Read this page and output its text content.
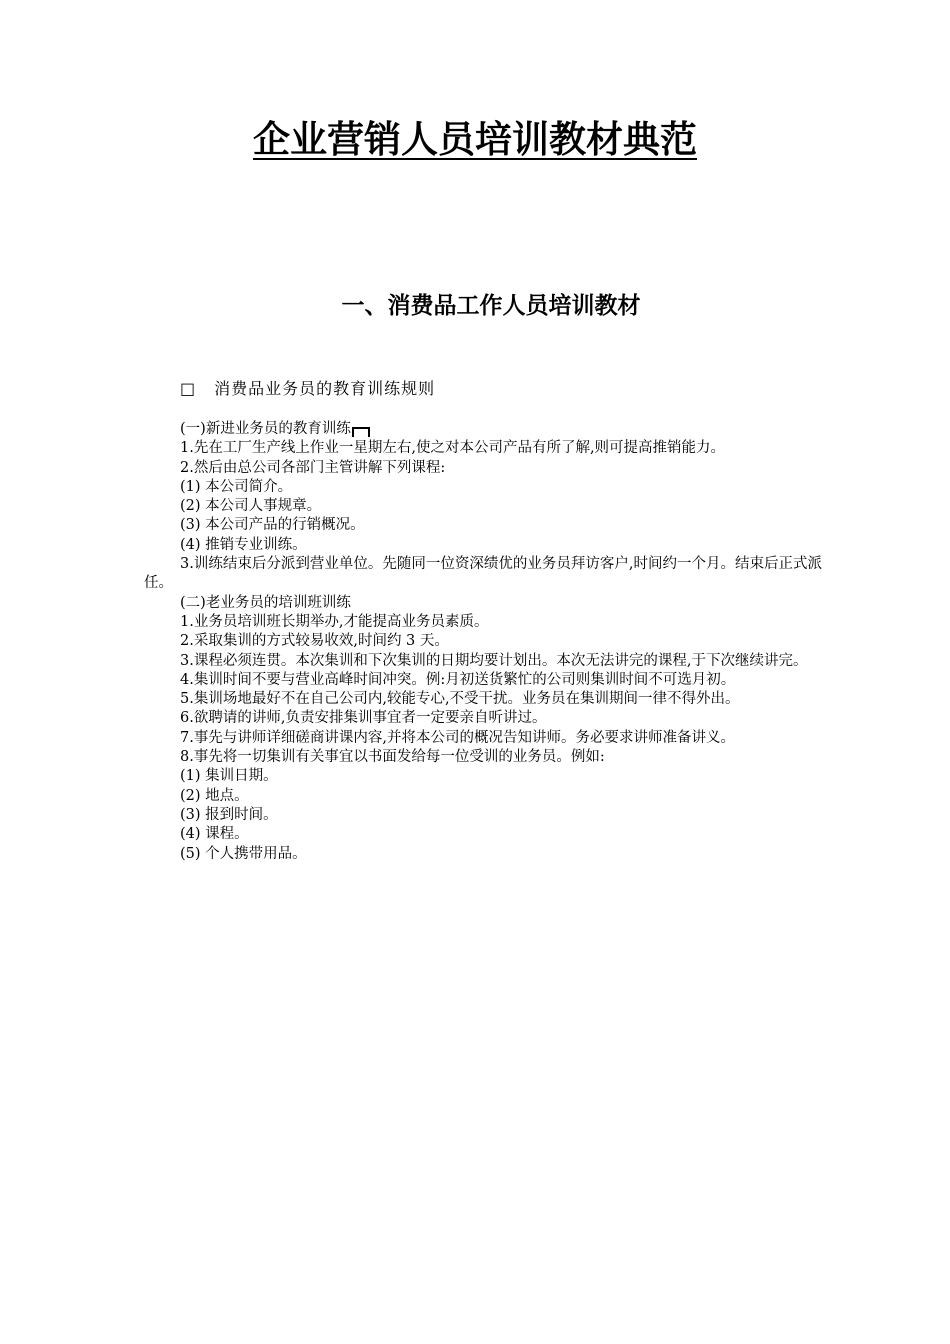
企业营销人员培训教材典范
一、消费品工作人员培训教材
□ 消费品业务员的教育训练规则

(一)新进业务员的教育训练

1.先在工厂生产线上作业一星期左右,使之对本公司产品有所了解,则可提高推销能力。

2.然后由总公司各部门主管讲解下列课程:

(1) 本公司简介。

(2) 本公司人事规章。

(3) 本公司产品的行销概况。

(4) 推销专业训练。

3.训练结束后分派到营业单位。先随同一位资深绩优的业务员拜访客户,时间约一个月。结束后正式派任。

(二)老业务员的培训班训练

1.业务员培训班长期举办,才能提高业务员素质。

2.采取集训的方式较易收效,时间约 3 天。

3.课程必须连贯。本次集训和下次集训的日期均要计划出。本次无法讲完的课程,于下次继续讲完。

4.集训时间不要与营业高峰时间冲突。例:月初送货繁忙的公司则集训时间不可选月初。

5.集训场地最好不在自己公司内,较能专心,不受干扰。业务员在集训期间一律不得外出。

6.欲聘请的讲师,负责安排集训事宜者一定要亲自听讲过。

7.事先与讲师详细磋商讲课内容,并将本公司的概况告知讲师。务必要求讲师准备讲义。

8.事先将一切集训有关事宜以书面发给每一位受训的业务员。例如:

(1) 集训日期。

(2) 地点。

(3) 报到时间。

(4) 课程。

(5) 个人携带用品。
